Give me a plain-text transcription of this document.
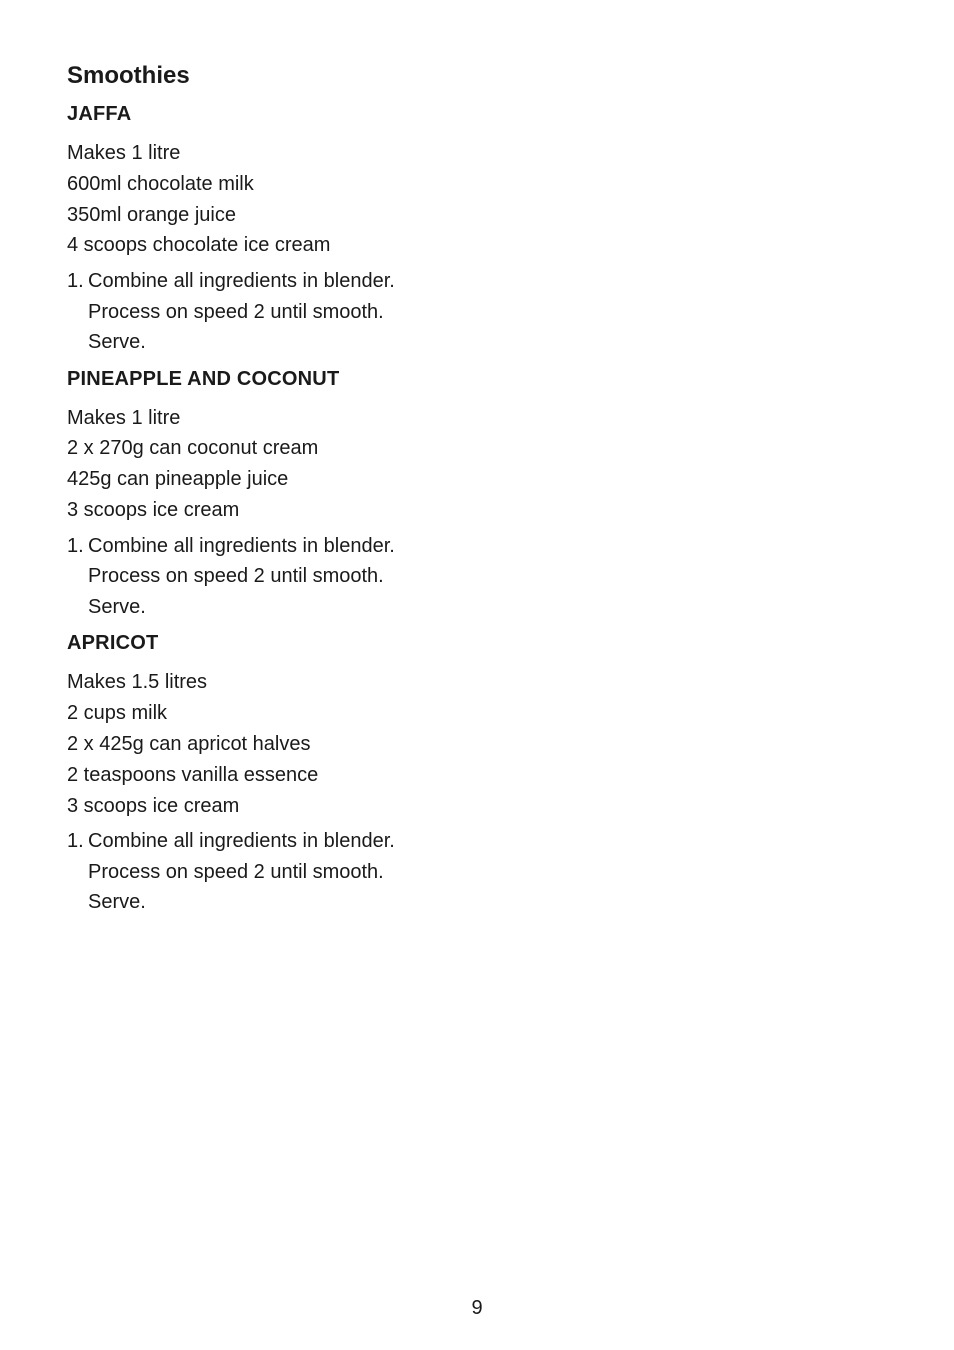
Smoothies
JAFFA
Makes 1 litre
600ml chocolate milk
350ml orange juice
4 scoops chocolate ice cream
1. Combine all ingredients in blender. Process on speed 2 until smooth. Serve.
PINEAPPLE AND COCONUT
Makes 1 litre
2 x 270g can coconut cream
425g can pineapple juice
3 scoops ice cream
1. Combine all ingredients in blender. Process on speed 2 until smooth. Serve.
APRICOT
Makes 1.5 litres
2 cups milk
2 x 425g can apricot halves
2 teaspoons vanilla essence
3 scoops ice cream
1. Combine all ingredients in blender. Process on speed 2 until smooth. Serve.
9
